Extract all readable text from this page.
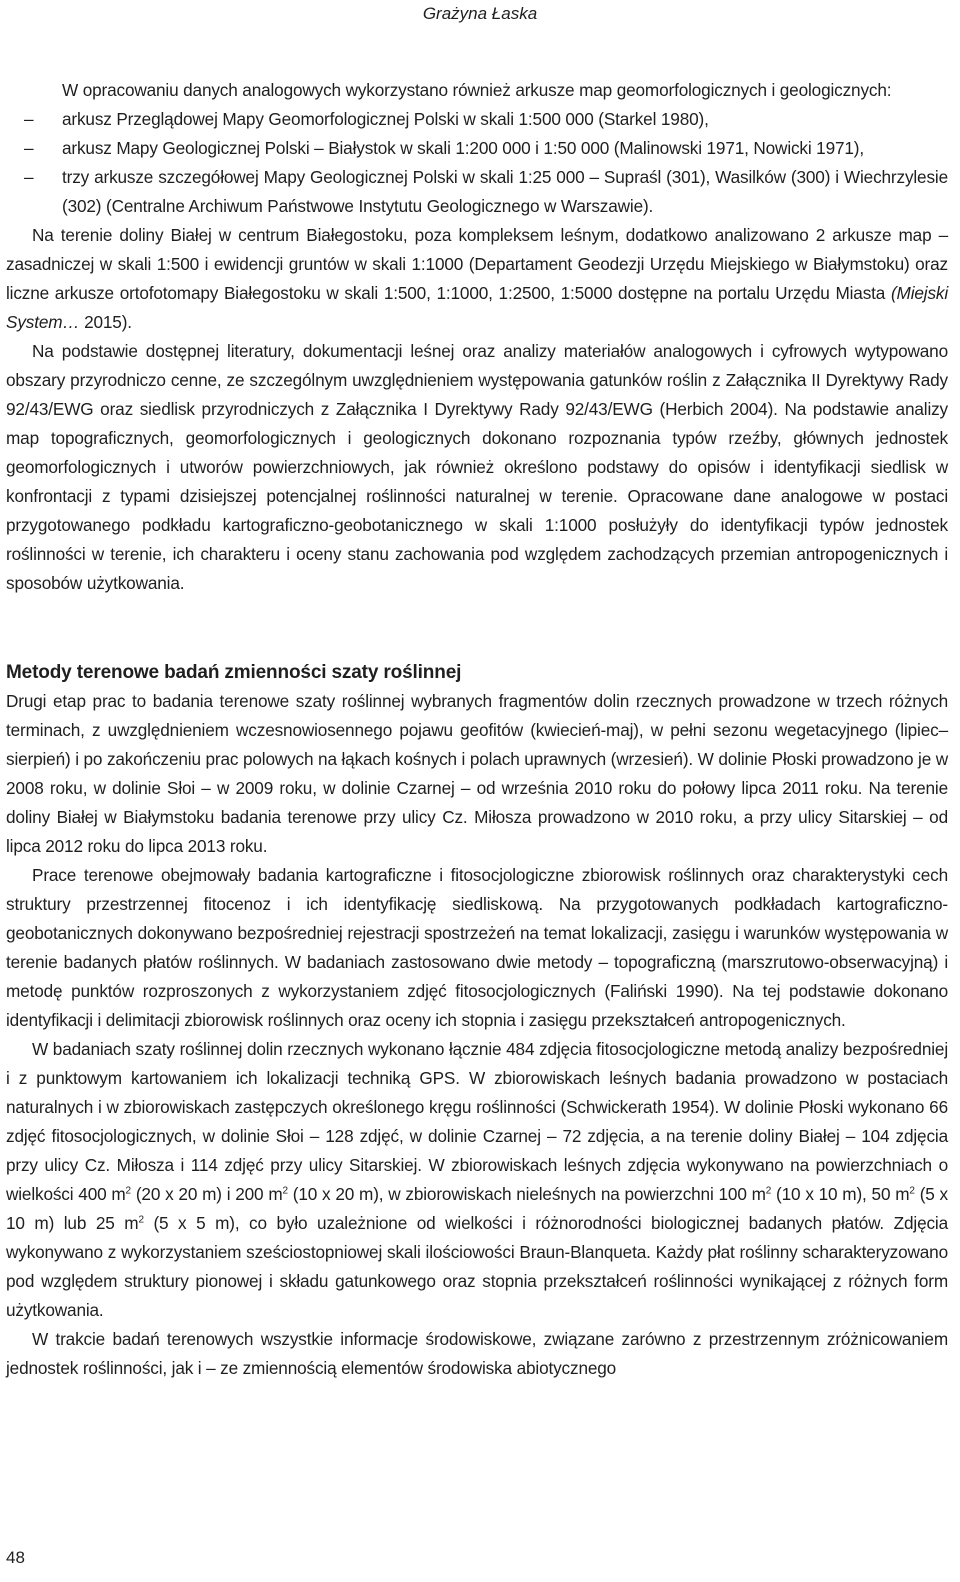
Grażyna Łaska

W opracowaniu danych analogowych wykorzystano również arkusze map geomorfologicznych i geologicznych:

– arkusz Przeglądowej Mapy Geomorfologicznej Polski w skali 1:500 000 (Starkel 1980),
– arkusz Mapy Geologicznej Polski – Białystok w skali 1:200 000 i 1:50 000 (Malinowski 1971, Nowicki 1971),
– trzy arkusze szczegółowej Mapy Geologicznej Polski w skali 1:25 000 – Supraśl (301), Wasilków (300) i Wiechrzylesie (302) (Centralne Archiwum Państwowe Instytutu Geologicznego w Warszawie).

Na terenie doliny Białej w centrum Białegostoku, poza kompleksem leśnym, dodatkowo analizowano 2 arkusze map – zasadniczej w skali 1:500 i ewidencji gruntów w skali 1:1000 (Departament Geodezji Urzędu Miejskiego w Białymstoku) oraz liczne arkusze ortofotomapy Białegostoku w skali 1:500, 1:1000, 1:2500, 1:5000 dostępne na portalu Urzędu Miasta (Miejski System… 2015).

Na podstawie dostępnej literatury, dokumentacji leśnej oraz analizy materiałów analogowych i cyfrowych wytypowano obszary przyrodniczo cenne, ze szczególnym uwzględnieniem występowania gatunków roślin z Załącznika II Dyrektywy Rady 92/43/EWG oraz siedlisk przyrodniczych z Załącznika I Dyrektywy Rady 92/43/EWG (Herbich 2004). Na podstawie analizy map topograficznych, geomorfologicznych i geologicznych dokonano rozpoznania typów rzeźby, głównych jednostek geomorfologicznych i utworów powierzchniowych, jak również określono podstawy do opisów i identyfikacji siedlisk w konfrontacji z typami dzisiejszej potencjalnej roślinności naturalnej w terenie. Opracowane dane analogowe w postaci przygotowanego podkładu kartograficzno-geobotanicznego w skali 1:1000 posłużyły do identyfikacji typów jednostek roślinności w terenie, ich charakteru i oceny stanu zachowania pod względem zachodzących przemian antropogenicznych i sposobów użytkowania.

Metody terenowe badań zmienności szaty roślinnej

Drugi etap prac to badania terenowe szaty roślinnej wybranych fragmentów dolin rzecznych prowadzone w trzech różnych terminach, z uwzględnieniem wczesnowiosennego pojawu geofitów (kwiecień-maj), w pełni sezonu wegetacyjnego (lipiec–sierpień) i po zakończeniu prac polowych na łąkach kośnych i polach uprawnych (wrzesień). W dolinie Płoski prowadzono je w 2008 roku, w dolinie Słoi – w 2009 roku, w dolinie Czarnej – od września 2010 roku do połowy lipca 2011 roku. Na terenie doliny Białej w Białymstoku badania terenowe przy ulicy Cz. Miłosza prowadzono w 2010 roku, a przy ulicy Sitarskiej – od lipca 2012 roku do lipca 2013 roku.

Prace terenowe obejmowały badania kartograficzne i fitosocjologiczne zbiorowisk roślinnych oraz charakterystyki cech struktury przestrzennej fitocenoz i ich identyfikację siedliskową. Na przygotowanych podkładach kartograficzno-geobotanicznych dokonywano bezpośredniej rejestracji spostrzeżeń na temat lokalizacji, zasięgu i warunków występowania w terenie badanych płatów roślinnych. W badaniach zastosowano dwie metody – topograficzną (marszrutowo-obserwacyjną) i metodę punktów rozproszonych z wykorzystaniem zdjęć fitosocjologicznych (Faliński 1990). Na tej podstawie dokonano identyfikacji i delimitacji zbiorowisk roślinnych oraz oceny ich stopnia i zasięgu przekształceń antropogenicznych.

W badaniach szaty roślinnej dolin rzecznych wykonano łącznie 484 zdjęcia fitosocjologiczne metodą analizy bezpośredniej i z punktowym kartowaniem ich lokalizacji techniką GPS. W zbiorowiskach leśnych badania prowadzono w postaciach naturalnych i w zbiorowiskach zastępczych określonego kręgu roślinności (Schwickerath 1954). W dolinie Płoski wykonano 66 zdjęć fitosocjologicznych, w dolinie Słoi – 128 zdjęć, w dolinie Czarnej – 72 zdjęcia, a na terenie doliny Białej – 104 zdjęcia przy ulicy Cz. Miłosza i 114 zdjęć przy ulicy Sitarskiej. W zbiorowiskach leśnych zdjęcia wykonywano na powierzchniach o wielkości 400 $m^2$ (20 x 20 m) i 200 $m^2$ (10 x 20 m), w zbiorowiskach nieleśnych na powierzchni 100 $m^2$ (10 x 10 m), 50 $m^2$ (5 x 10 m) lub 25 $m^2$ (5 x 5 m), co było uzależnione od wielkości i różnorodności biologicznej badanych płatów. Zdjęcia wykonywano z wykorzystaniem sześciostopniowej skali ilościowości Braun-Blanqueta. Każdy płat roślinny scharakteryzowano pod względem struktury pionowej i składu gatunkowego oraz stopnia przekształceń roślinności wynikającej z różnych form użytkowania.

W trakcie badań terenowych wszystkie informacje środowiskowe, związane zarówno z przestrzennym zróżnicowaniem jednostek roślinności, jak i – ze zmiennością elementów środowiska abiotycznego

48
